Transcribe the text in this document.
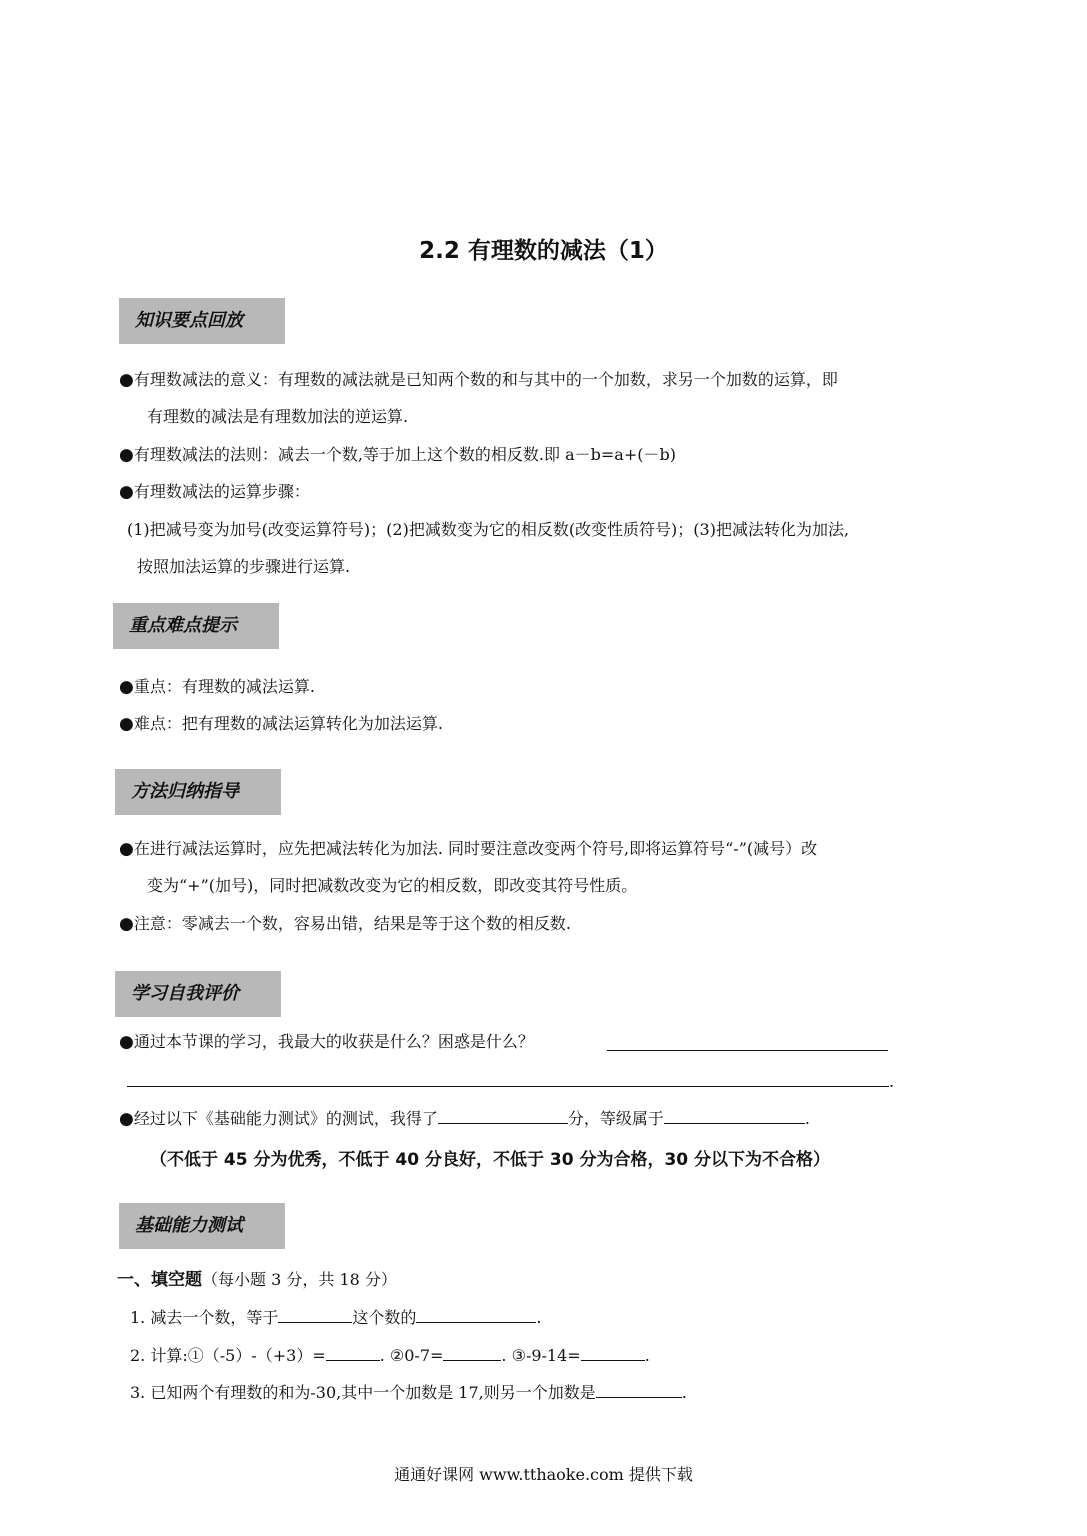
2.2 有理数的减法（1）
知识要点回放
●有理数减法的意义：有理数的减法就是已知两个数的和与其中的一个加数，求另一个加数的运算，即
有理数的减法是有理数加法的逆运算.
●有理数减法的法则：减去一个数,等于加上这个数的相反数.即 a－b=a+(－b)
●有理数减法的运算步骤：
(1)把减号变为加号(改变运算符号)；(2)把减数变为它的相反数(改变性质符号)；(3)把减法转化为加法,
按照加法运算的步骤进行运算.
重点难点提示
●重点：有理数的减法运算.
●难点：把有理数的减法运算转化为加法运算.
方法归纳指导
●在进行减法运算时，应先把减法转化为加法. 同时要注意改变两个符号,即将运算符号“-”(减号）改
变为“+”(加号)，同时把减数改变为它的相反数，即改变其符号性质。
●注意：零减去一个数，容易出错，结果是等于这个数的相反数.
学习自我评价
●通过本节课的学习，我最大的收获是什么？困惑是什么？
.
●经过以下《基础能力测试》的测试，我得了	分，等级属于	.
（不低于 45 分为优秀，不低于 40 分良好，不低于 30 分为合格，30 分以下为不合格）
基础能力测试
一、填空题（每小题 3 分，共 18 分）
1. 减去一个数，等于	这个数的	.
2. 计算:①（-5）-（+3）=	. ②0-7=	. ③-9-14=	.
3. 已知两个有理数的和为-30,其中一个加数是 17,则另一个加数是	.
通通好课网 www.tthaoke.com 提供下载
